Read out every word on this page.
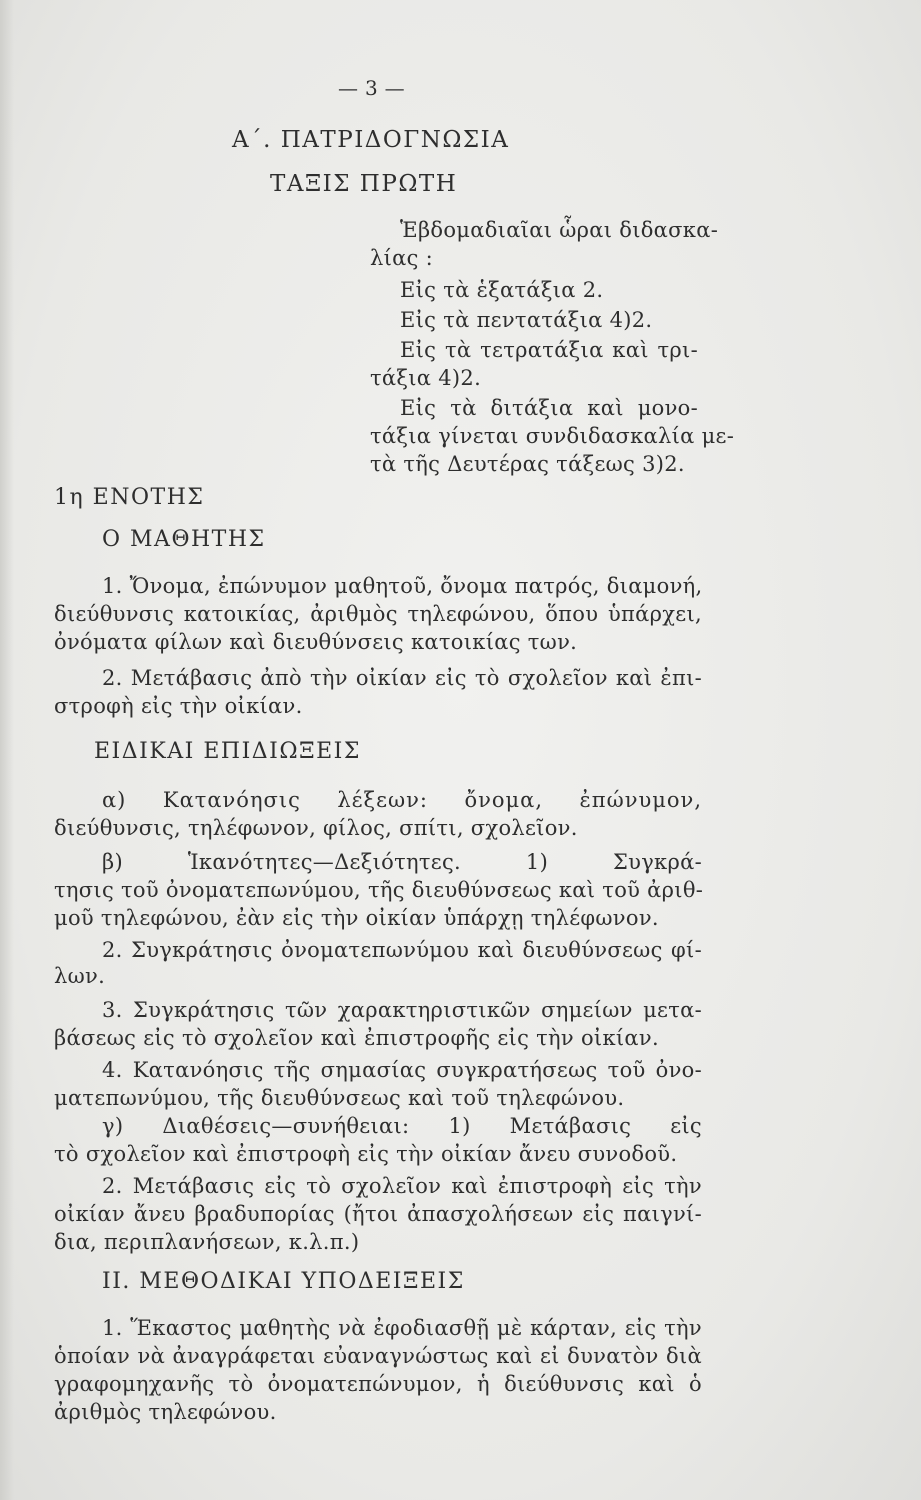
— 3 —
Α΄. ΠΑΤΡΙΔΟΓΝΩΣΙΑ
ΤΑΞΙΣ ΠΡΩΤΗ
Ἑβδομαδιαῖαι ὧραι διδασκα-
λίας :
Εἰς τὰ ἑξατάξια 2.
Εἰς τὰ πεντατάξια 4)2.
Εἰς τὰ τετρατάξια καὶ τρι-
τάξια 4)2.
Εἰς τὰ διτάξια καὶ μονο-
τάξια γίνεται συνδιδασκαλία με-
τὰ τῆς Δευτέρας τάξεως 3)2.
1η ΕΝΟΤΗΣ
Ο ΜΑΘΗΤΗΣ
1. Ὄνομα, ἐπώνυμον μαθητοῦ, ὄνομα πατρός, διαμονή,
διεύθυνσις κατοικίας, ἀριθμὸς τηλεφώνου, ὅπου ὑπάρχει,
ὀνόματα φίλων καὶ διευθύνσεις κατοικίας των.
2. Μετάβασις ἀπὸ τὴν οἰκίαν εἰς τὸ σχολεῖον καὶ ἐπι-
στροφὴ εἰς τὴν οἰκίαν.
ΕΙΔΙΚΑΙ ΕΠΙΔΙΩΞΕΙΣ
α) Κατανόησις λέξεων: ὄνομα, ἐπώνυμον,
διεύθυνσις, τηλέφωνον, φίλος, σπίτι, σχολεῖον.
β) Ἱκανότητες—Δεξιότητες. 1) Συγκρά-
τησις τοῦ ὀνοματεπωνύμου, τῆς διευθύνσεως καὶ τοῦ ἀριθ-
μοῦ τηλεφώνου, ἐὰν εἰς τὴν οἰκίαν ὑπάρχῃ τηλέφωνον.
2. Συγκράτησις ὀνοματεπωνύμου καὶ διευθύνσεως φί-
λων.
3. Συγκράτησις τῶν χαρακτηριστικῶν σημείων μετα-
βάσεως εἰς τὸ σχολεῖον καὶ ἐπιστροφῆς εἰς τὴν οἰκίαν.
4. Κατανόησις τῆς σημασίας συγκρατήσεως τοῦ ὀνο-
ματεπωνύμου, τῆς διευθύνσεως καὶ τοῦ τηλεφώνου.
γ) Διαθέσεις—συνήθειαι: 1) Μετάβασις εἰς
τὸ σχολεῖον καὶ ἐπιστροφὴ εἰς τὴν οἰκίαν ἄνευ συνοδοῦ.
2. Μετάβασις εἰς τὸ σχολεῖον καὶ ἐπιστροφὴ εἰς τὴν
οἰκίαν ἄνευ βραδυπορίας (ἤτοι ἀπασχολήσεων εἰς παιγνί-
δια, περιπλανήσεων, κ.λ.π.)
ΙΙ. ΜΕΘΟΔΙΚΑΙ ΥΠΟΔΕΙΞΕΙΣ
1. Ἕκαστος μαθητὴς νὰ ἐφοδιασθῇ μὲ κάρταν, εἰς τὴν
ὁποίαν νὰ ἀναγράφεται εὐαναγνώστως καὶ εἰ δυνατὸν διὰ
γραφομηχανῆς τὸ ὀνοματεπώνυμον, ἡ διεύθυνσις καὶ ὁ
ἀριθμὸς τηλεφώνου.
